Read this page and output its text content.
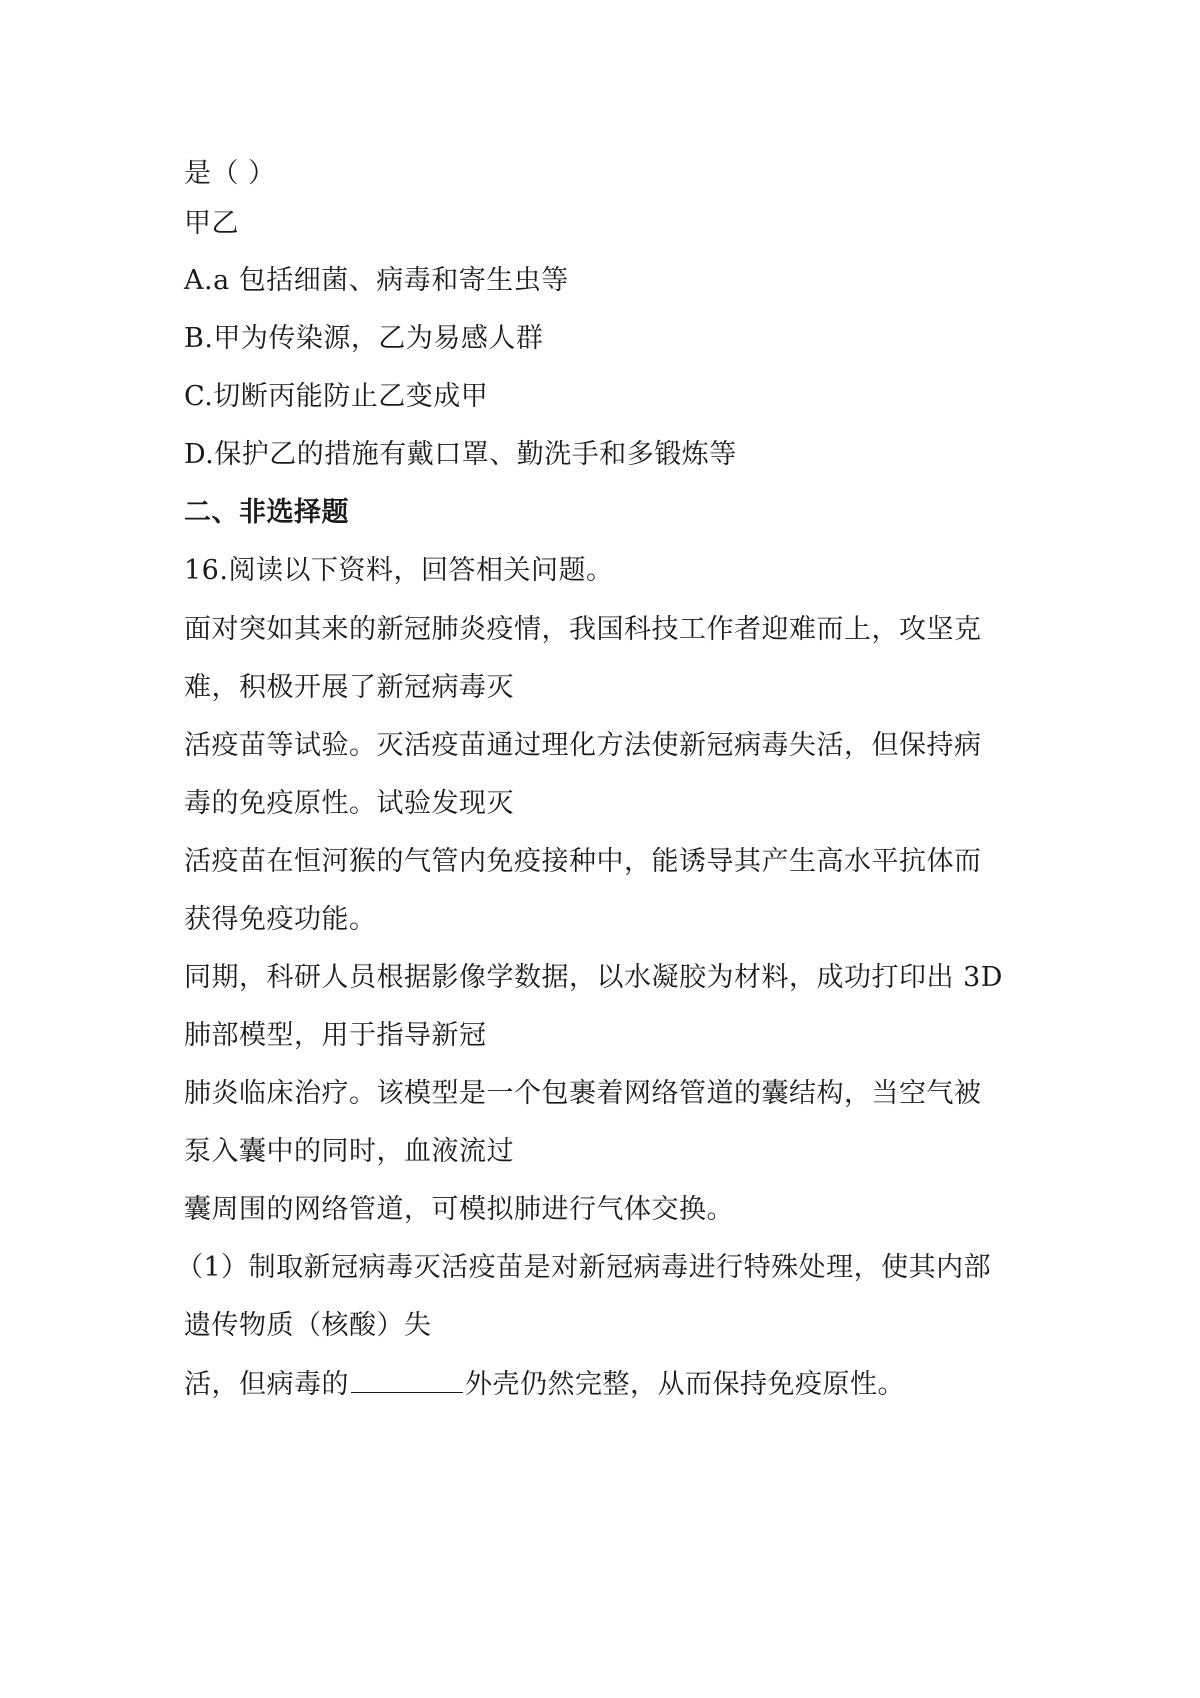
是（ ）
甲乙
A.a 包括细菌、病毒和寄生虫等
B.甲为传染源，乙为易感人群
C.切断丙能防止乙变成甲
D.保护乙的措施有戴口罩、勤洗手和多锻炼等
二、非选择题
16.阅读以下资料，回答相关问题。
面对突如其来的新冠肺炎疫情，我国科技工作者迎难而上，攻坚克
难，积极开展了新冠病毒灭
活疫苗等试验。灭活疫苗通过理化方法使新冠病毒失活，但保持病
毒的免疫原性。试验发现灭
活疫苗在恒河猴的气管内免疫接种中，能诱导其产生高水平抗体而
获得免疫功能。
同期，科研人员根据影像学数据，以水凝胶为材料，成功打印出 3D
肺部模型，用于指导新冠
肺炎临床治疗。该模型是一个包裹着网络管道的囊结构，当空气被
泵入囊中的同时，血液流过
囊周围的网络管道，可模拟肺进行气体交换。
（1）制取新冠病毒灭活疫苗是对新冠病毒进行特殊处理，使其内部
遗传物质（核酸）失
活，但病毒的	外壳仍然完整，从而保持免疫原性。
